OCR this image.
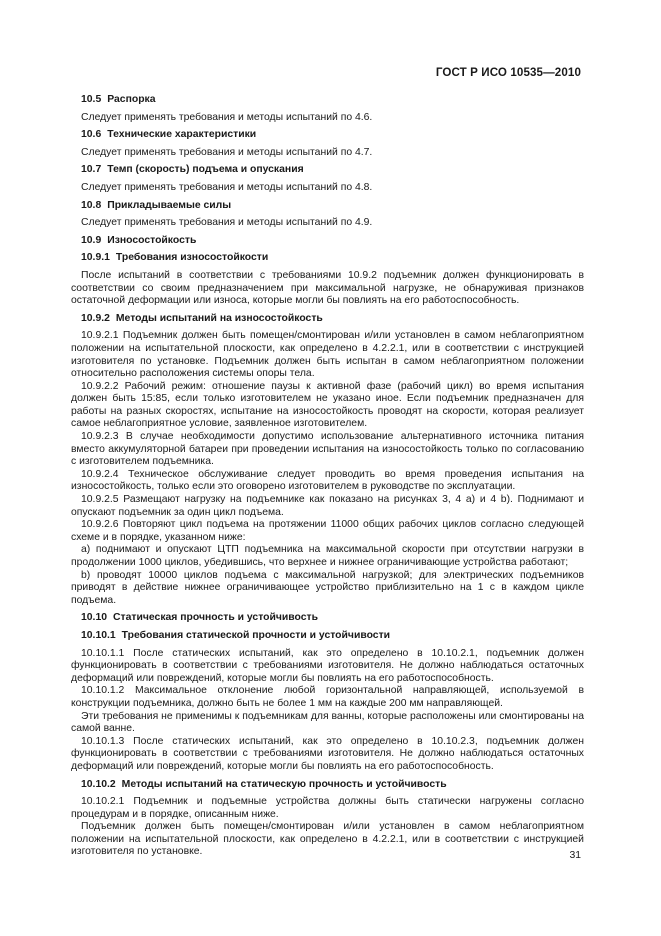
ГОСТ Р ИСО 10535—2010

10.5 Распорка

Следует применять требования и методы испытаний по 4.6.

10.6 Технические характеристики

Следует применять требования и методы испытаний по 4.7.

10.7 Темп (скорость) подъема и опускания

Следует применять требования и методы испытаний по 4.8.

10.8 Прикладываемые силы

Следует применять требования и методы испытаний по 4.9.

10.9 Износостойкость

10.9.1 Требования износостойкости

После испытаний в соответствии с требованиями 10.9.2 подъемник должен функционировать в соответствии со своим предназначением при максимальной нагрузке, не обнаруживая признаков остаточной деформации или износа, которые могли бы повлиять на его работоспособность.

10.9.2 Методы испытаний на износостойкость

10.9.2.1 Подъемник должен быть помещен/смонтирован и/или установлен в самом неблагоприятном положении на испытательной плоскости, как определено в 4.2.2.1, или в соответствии с инструкцией изготовителя по установке. Подъемник должен быть испытан в самом неблагоприятном положении относительно расположения системы опоры тела.

10.9.2.2 Рабочий режим: отношение паузы к активной фазе (рабочий цикл) во время испытания должен быть 15:85, если только изготовителем не указано иное. Если подъемник предназначен для работы на разных скоростях, испытание на износостойкость проводят на скорости, которая реализует самое неблагоприятное условие, заявленное изготовителем.

10.9.2.3 В случае необходимости допустимо использование альтернативного источника питания вместо аккумуляторной батареи при проведении испытания на износостойкость только по согласованию с изготовителем подъемника.

10.9.2.4 Техническое обслуживание следует проводить во время проведения испытания на износостойкость, только если это оговорено изготовителем в руководстве по эксплуатации.

10.9.2.5 Размещают нагрузку на подъемнике как показано на рисунках 3, 4 а) и 4 b). Поднимают и опускают подъемник за один цикл подъема.

10.9.2.6 Повторяют цикл подъема на протяжении 11000 общих рабочих циклов согласно следующей схеме и в порядке, указанном ниже:

a) поднимают и опускают ЦТП подъемника на максимальной скорости при отсутствии нагрузки в продолжении 1000 циклов, убедившись, что верхнее и нижнее ограничивающие устройства работают;

b) проводят 10000 циклов подъема с максимальной нагрузкой; для электрических подъемников приводят в действие нижнее ограничивающее устройство приблизительно на 1 с в каждом цикле подъема.

10.10 Статическая прочность и устойчивость

10.10.1 Требования статической прочности и устойчивости

10.10.1.1 После статических испытаний, как это определено в 10.10.2.1, подъемник должен функционировать в соответствии с требованиями изготовителя. Не должно наблюдаться остаточных деформаций или повреждений, которые могли бы повлиять на его работоспособность.

10.10.1.2 Максимальное отклонение любой горизонтальной направляющей, используемой в конструкции подъемника, должно быть не более 1 мм на каждые 200 мм направляющей.

Эти требования не применимы к подъемникам для ванны, которые расположены или смонтированы на самой ванне.

10.10.1.3 После статических испытаний, как это определено в 10.10.2.3, подъемник должен функционировать в соответствии с требованиями изготовителя. Не должно наблюдаться остаточных деформаций или повреждений, которые могли бы повлиять на его работоспособность.

10.10.2 Методы испытаний на статическую прочность и устойчивость

10.10.2.1 Подъемник и подъемные устройства должны быть статически нагружены согласно процедурам и в порядке, описанным ниже.

Подъемник должен быть помещен/смонтирован и/или установлен в самом неблагоприятном положении на испытательной плоскости, как определено в 4.2.2.1, или в соответствии с инструкцией изготовителя по установке.	31
